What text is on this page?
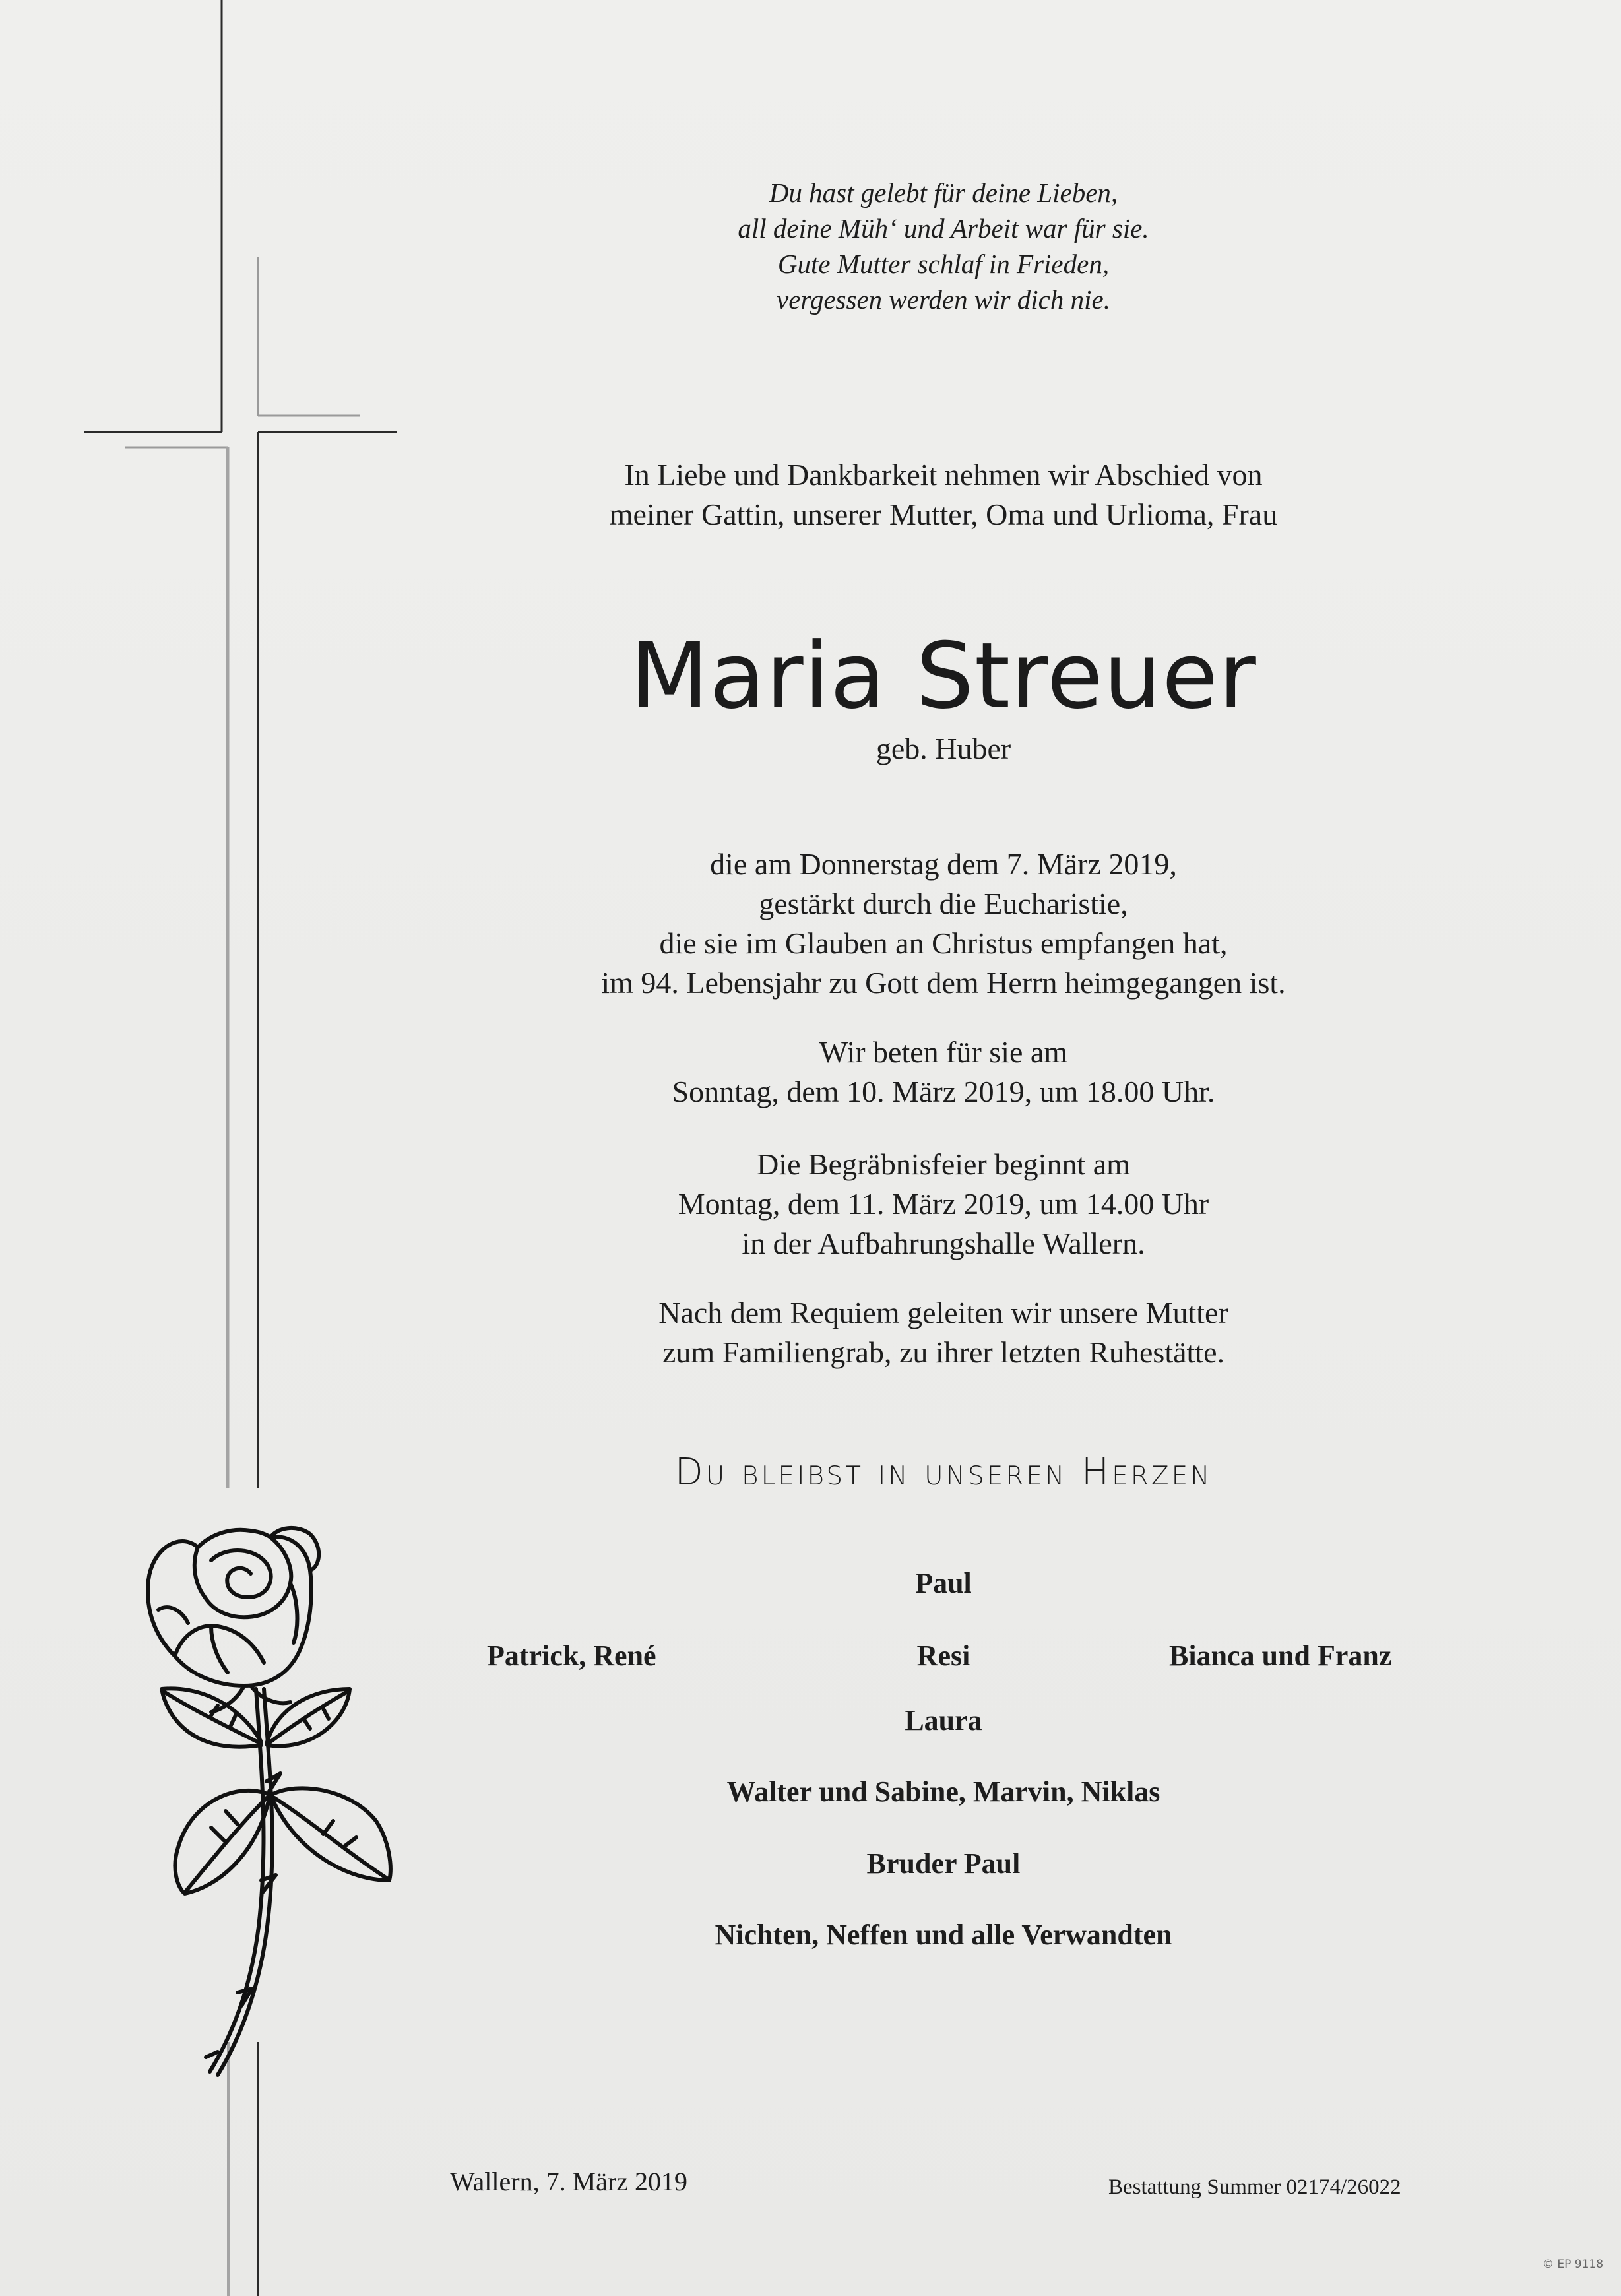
Du hast gelebt für deine Lieben,
all deine Müh‘ und Arbeit war für sie.
Gute Mutter schlaf in Frieden,
vergessen werden wir dich nie.
In Liebe und Dankbarkeit nehmen wir Abschied von
meiner Gattin, unserer Mutter, Oma und Urlioma, Frau
Maria Streuer
geb. Huber
die am Donnerstag dem 7. März 2019,
gestärkt durch die Eucharistie,
die sie im Glauben an Christus empfangen hat,
im 94. Lebensjahr zu Gott dem Herrn heimgegangen ist.
Wir beten für sie am
Sonntag, dem 10. März 2019, um 18.00 Uhr.
Die Begräbnisfeier beginnt am
Montag, dem 11. März 2019, um 14.00 Uhr
in der Aufbahrungshalle Wallern.
Nach dem Requiem geleiten wir unsere Mutter
zum Familiengrab, zu ihrer letzten Ruhestätte.
Du bleibst in unseren Herzen
Paul
Patrick, René	Resi	Bianca und Franz
Laura
Walter und Sabine, Marvin, Niklas
Bruder Paul
Nichten, Neffen und alle Verwandten
Wallern, 7. März 2019	Bestattung Summer 02174/26022
© EP 9118
